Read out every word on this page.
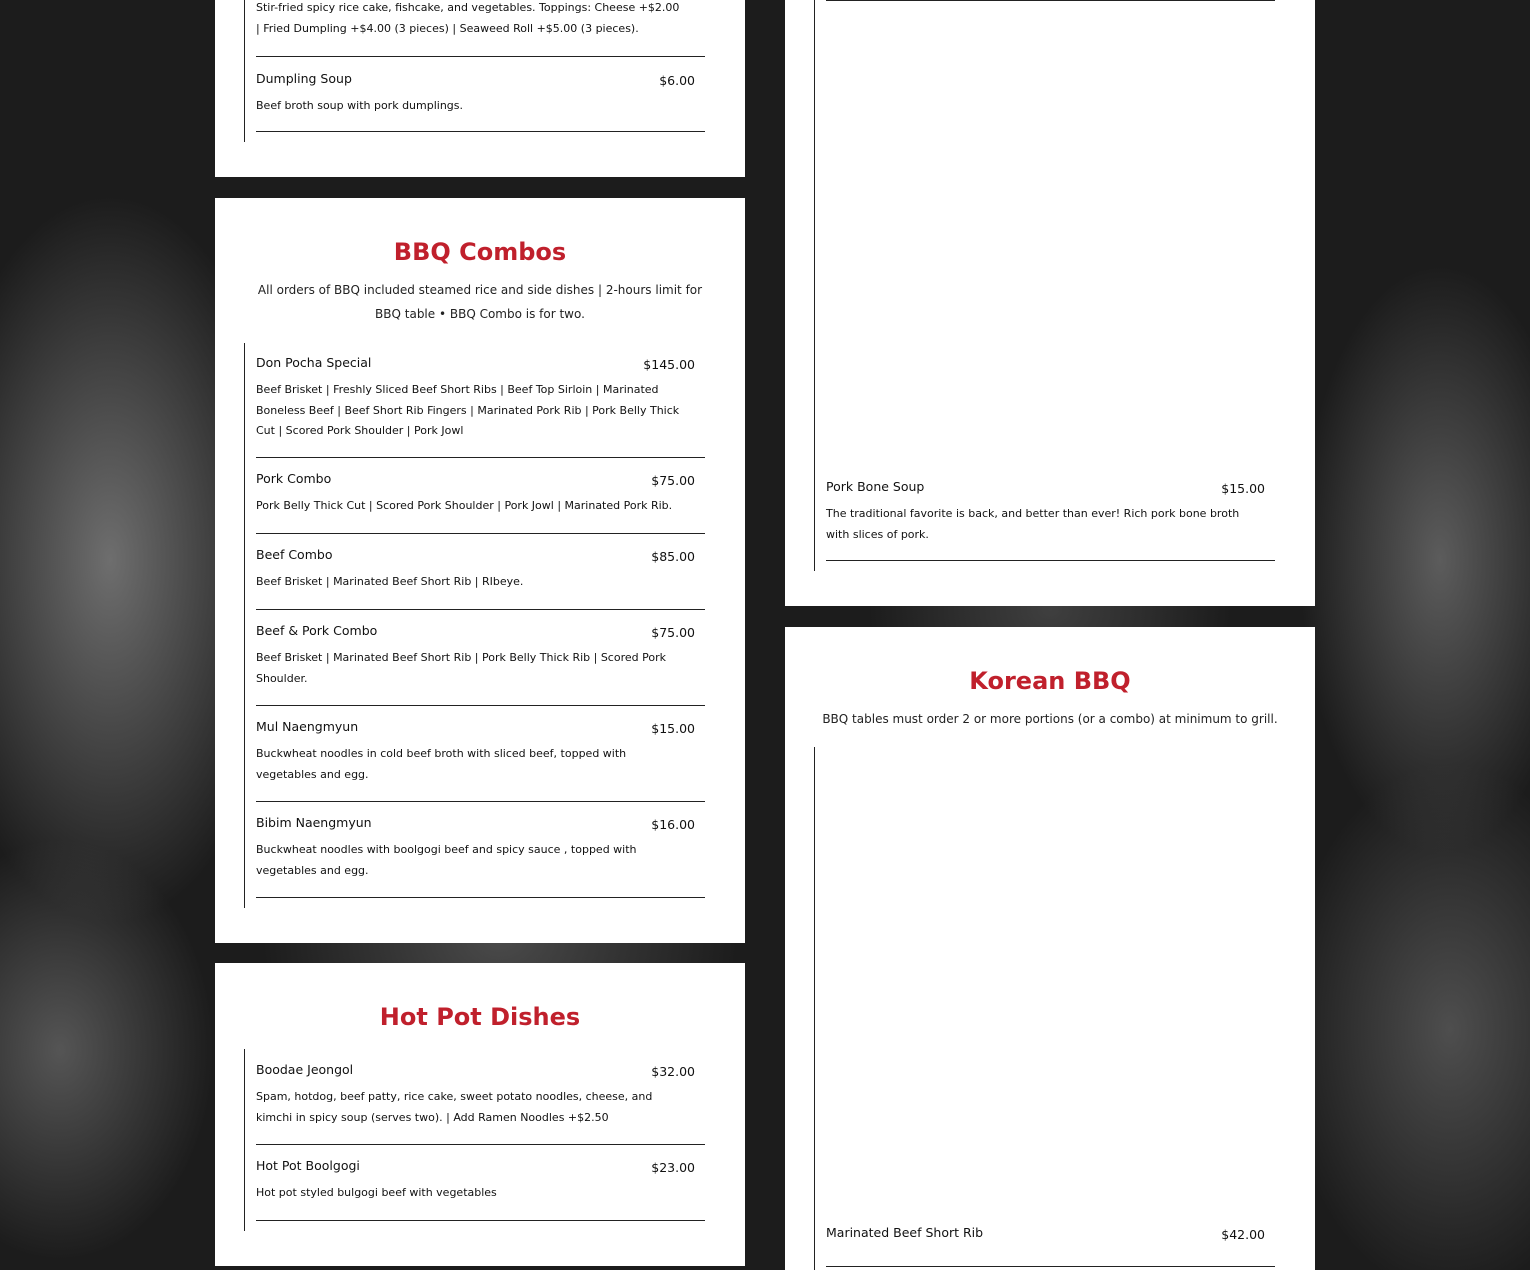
Stir-fried spicy rice cake, fishcake, and vegetables. Toppings: Cheese +$2.00 | Fried Dumpling +$4.00 (3 pieces) | Seaweed Roll +$5.00 (3 pieces).

Dumpling Soup	$6.00

Beef broth soup with pork dumplings.

BBQ Combos

All orders of BBQ included steamed rice and side dishes | 2-hours limit for BBQ table • BBQ Combo is for two.

Don Pocha Special	$145.00

Beef Brisket | Freshly Sliced Beef Short Ribs | Beef Top Sirloin | Marinated Boneless Beef | Beef Short Rib Fingers | Marinated Pork Rib | Pork Belly Thick Cut | Scored Pork Shoulder | Pork Jowl

Pork Combo	$75.00

Pork Belly Thick Cut | Scored Pork Shoulder | Pork Jowl | Marinated Pork Rib.

Beef Combo	$85.00

Beef Brisket | Marinated Beef Short Rib | RIbeye.

Beef & Pork Combo	$75.00

Beef Brisket | Marinated Beef Short Rib | Pork Belly Thick Rib | Scored Pork Shoulder.

Mul Naengmyun	$15.00

Buckwheat noodles in cold beef broth with sliced beef, topped with vegetables and egg.

Bibim Naengmyun	$16.00

Buckwheat noodles with boolgogi beef and spicy sauce , topped with vegetables and egg.

Hot Pot Dishes
Boodae Jeongol	$32.00

Spam, hotdog, beef patty, rice cake, sweet potato noodles, cheese, and kimchi in spicy soup (serves two). | Add Ramen Noodles +$2.50

Hot Pot Boolgogi	$23.00

Hot pot styled bulgogi beef with vegetables

Pork Bone Soup	$15.00

The traditional favorite is back, and better than ever! Rich pork bone broth with slices of pork.

Korean BBQ

BBQ tables must order 2 or more portions (or a combo) at minimum to grill.

Marinated Beef Short Rib	$42.00
